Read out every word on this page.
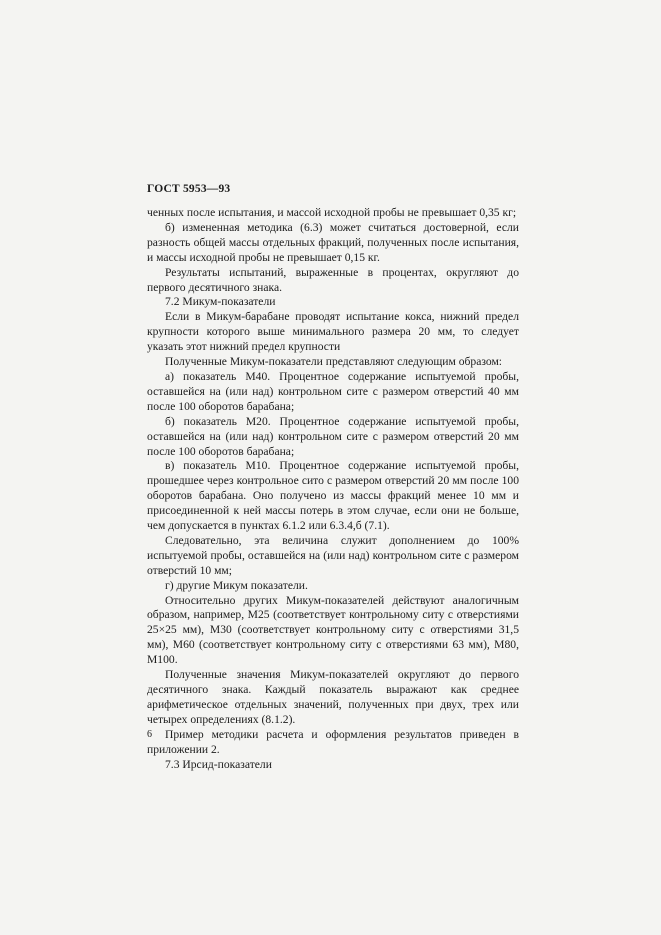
ГОСТ 5953—93

ченных после испытания, и массой исходной пробы не превышает 0,35 кг;

б) измененная методика (6.3) может считаться достоверной, если разность общей массы отдельных фракций, полученных после испытания, и массы исходной пробы не превышает 0,15 кг.

Результаты испытаний, выраженные в процентах, округляют до первого десятичного знака.

7.2 Микум-показатели

Если в Микум-барабане проводят испытание кокса, нижний предел крупности которого выше минимального размера 20 мм, то следует указать этот нижний предел крупности

Полученные Микум-показатели представляют следующим образом:

а) показатель M40. Процентное содержание испытуемой пробы, оставшейся на (или над) контрольном сите с размером отверстий 40 мм после 100 оборотов барабана;

б) показатель M20. Процентное содержание испытуемой пробы, оставшейся на (или над) контрольном сите с размером отверстий 20 мм после 100 оборотов барабана;

в) показатель M10. Процентное содержание испытуемой пробы, прошедшее через контрольное сито с размером отверстий 20 мм после 100 оборотов барабана. Оно получено из массы фракций менее 10 мм и присоединенной к ней массы потерь в этом случае, если они не больше, чем допускается в пунктах 6.1.2 или 6.3.4,б (7.1).

Следовательно, эта величина служит дополнением до 100% испытуемой пробы, оставшейся на (или над) контрольном сите с размером отверстий 10 мм;

г) другие Микум показатели.

Относительно других Микум-показателей действуют аналогичным образом, например, M25 (соответствует контрольному ситу с отверстиями 25×25 мм), M30 (соответствует контрольному ситу с отверстиями 31,5 мм), M60 (соответствует контрольному ситу с отверстиями 63 мм), M80, M100.

Полученные значения Микум-показателей округляют до первого десятичного знака. Каждый показатель выражают как среднее арифметическое отдельных значений, полученных при двух, трех или четырех определениях (8.1.2).

Пример методики расчета и оформления результатов приведен в приложении 2.

7.3 Ирсид-показатели

6
